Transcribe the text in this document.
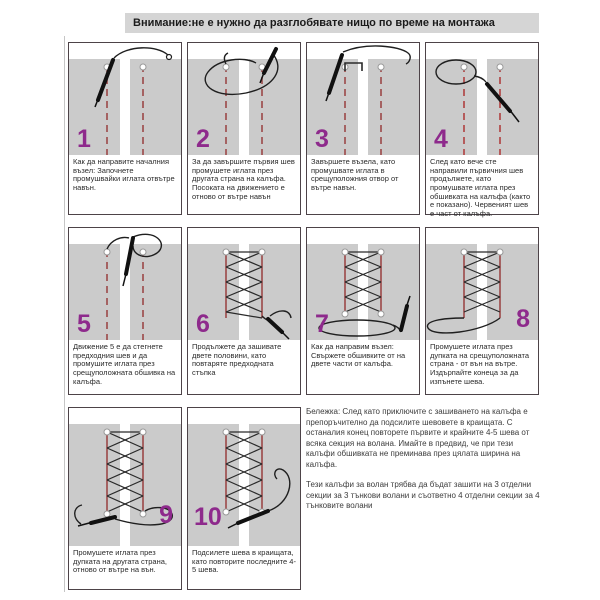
Внимание:не е нужно да разглобявате нищо по време на монтажа
1
Как да направите началния възел: Започнете промушвайки иглата отвътре навън.
2
За да завършите първия шев промушете иглата през другата страна на калъфа. Посоката на движението е отново от вътре навън
3
Завършете възела, като промушвате иглата в срещуположния отвор от вътре навън.
4
След като вече сте направили първичния шев продължете, като промушвате иглата през обшивката на калъфа (както е показано). Червеният шев е част от калъфа.
5
Движение 5 е да стегнете предходния шев и да промушите иглата през срещуположната обшивка на калъфа.
6
Продължете да зашивате двете половини, като повтаряте предходната стъпка
7
Как да направим възел: Свържете обшивките от на двете части от калъфа.
8
Промушете иглата през дупката на срещуположната страна - от вън на вътре. Издърпайте конеца за да изпънете шева.
9
Промушете иглата през дупката на другата страна, отново от вътре на вън.
10
Подсилете шева в краищата, като повторите последните 4-5 шева.

Бележка: След като приключите с зашиването на калъфа е препоръчително да подсилите шевовете в краищата. С останалия конец повторете първите и крайните 4-5 шева от всяка секция на волана. Имайте в предвид, че при тези калъфи обшивката не преминава през цялата ширина на калъфа.

Тези калъфи за волан трябва да бъдат зашити на 3 отделни секции за 3 тънкови волани и съответно 4 отделни секции за 4 тънковите волани
